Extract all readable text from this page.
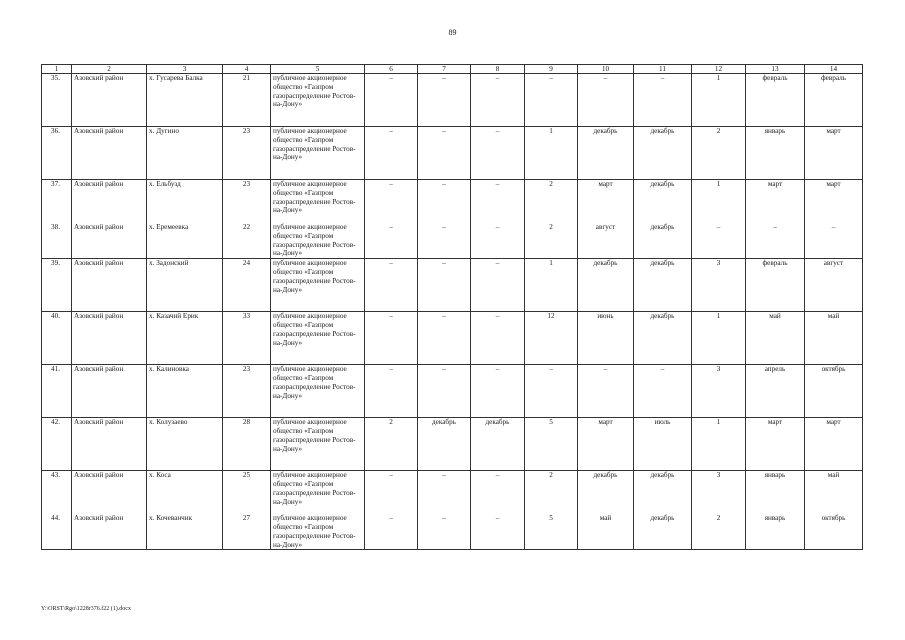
89
1	2	3	4	5	6	7	8	9	10	11	12	13	14
35.	Азовский район	х. Гусарева Балка	21	публичное акционерное общество «Газпром газораспределение Ростов-на-Дону»	–	–	–	–	–	–	1	февраль	февраль
36.	Азовский район	х. Дугино	23	публичное акционерное общество «Газпром газораспределение Ростов-на-Дону»	–	–	–	1	декабрь	декабрь	2	январь	март
37.	Азовский район	х. Ельбузд	23	публичное акционерное общество «Газпром газораспределение Ростов-на-Дону»	–	–	–	2	март	декабрь	1	март	март
38.	Азовский район	х. Еремеевка	22	публичное акционерное общество «Газпром газораспределение Ростов-на-Дону»	–	–	–	2	август	декабрь	–	–	–
39.	Азовский район	х. Задонский	24	публичное акционерное общество «Газпром газораспределение Ростов-на-Дону»	–	–	–	1	декабрь	декабрь	3	февраль	август
40.	Азовский район	х. Казачий Ерик	33	публичное акционерное общество «Газпром газораспределение Ростов-на-Дону»	–	–	–	12	июнь	декабрь	1	май	май
41.	Азовский район	х. Калиновка	23	публичное акционерное общество «Газпром газораспределение Ростов-на-Дону»	–	–	–	–	–	–	3	апрель	октябрь
42.	Азовский район	х. Колузаево	28	публичное акционерное общество «Газпром газораспределение Ростов-на-Дону»	2	декабрь	декабрь	5	март	июль	1	март	март
43.	Азовский район	х. Коса	25	публичное акционерное общество «Газпром газораспределение Ростов-на-Дону»	–	–	–	2	декабрь	декабрь	3	январь	май
44.	Азовский район	х. Кочеванчик	27	публичное акционерное общество «Газпром газораспределение Ростов-на-Дону»	–	–	–	5	май	декабрь	2	январь	октябрь
Y:\ORST\Rgo\1228r376.f22 (1).docx
